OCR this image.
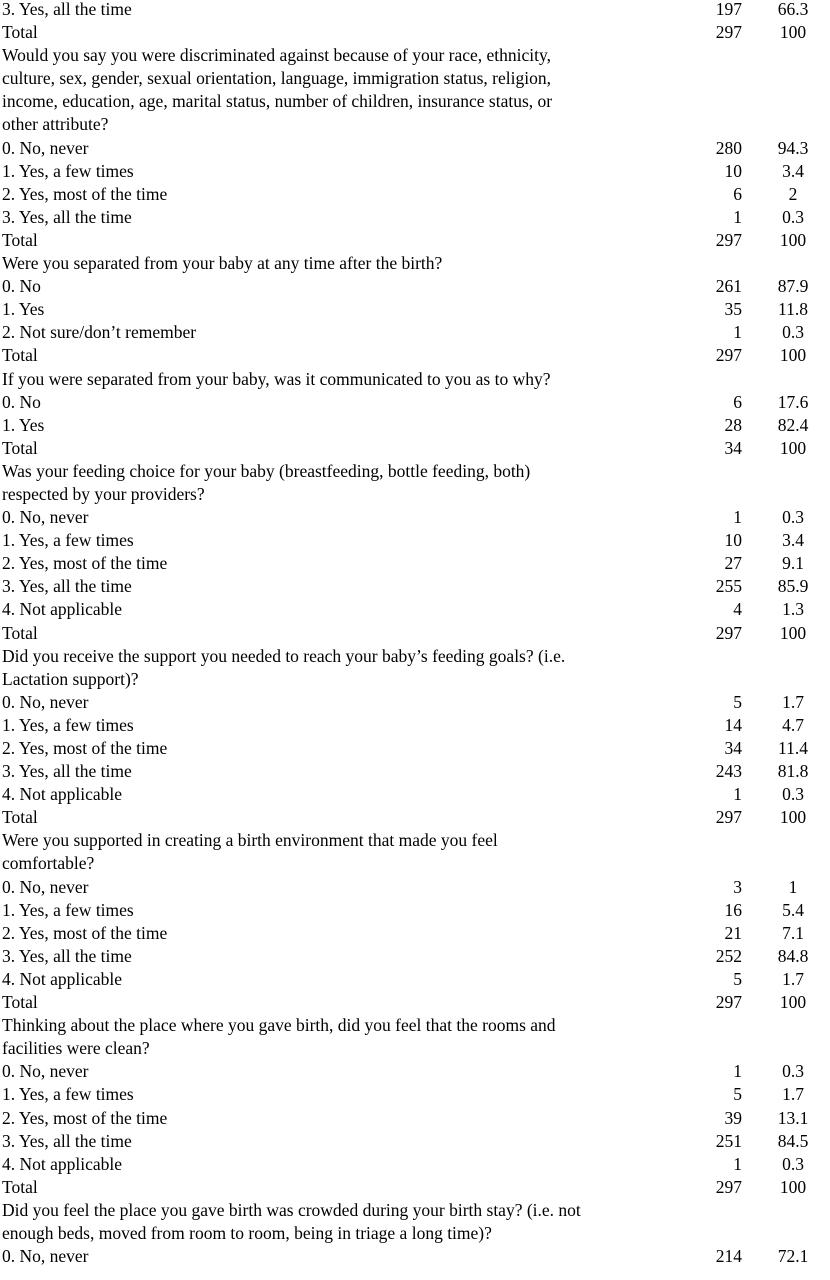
3. Yes, all the time	197	66.3
Total	297	100
Would you say you were discriminated against because of your race, ethnicity,
culture, sex, gender, sexual orientation, language, immigration status, religion,
income, education, age, marital status, number of children, insurance status, or
other attribute?
0. No, never	280	94.3
1. Yes, a few times	10	3.4
2. Yes, most of the time	6	2
3. Yes, all the time	1	0.3
Total	297	100
Were you separated from your baby at any time after the birth?
0. No	261	87.9
1. Yes	35	11.8
2. Not sure/don’t remember	1	0.3
Total	297	100
If you were separated from your baby, was it communicated to you as to why?
0. No	6	17.6
1. Yes	28	82.4
Total	34	100
Was your feeding choice for your baby (breastfeeding, bottle feeding, both)
respected by your providers?
0. No, never	1	0.3
1. Yes, a few times	10	3.4
2. Yes, most of the time	27	9.1
3. Yes, all the time	255	85.9
4. Not applicable	4	1.3
Total	297	100
Did you receive the support you needed to reach your baby’s feeding goals? (i.e.
Lactation support)?
0. No, never	5	1.7
1. Yes, a few times	14	4.7
2. Yes, most of the time	34	11.4
3. Yes, all the time	243	81.8
4. Not applicable	1	0.3
Total	297	100
Were you supported in creating a birth environment that made you feel
comfortable?
0. No, never	3	1
1. Yes, a few times	16	5.4
2. Yes, most of the time	21	7.1
3. Yes, all the time	252	84.8
4. Not applicable	5	1.7
Total	297	100
Thinking about the place where you gave birth, did you feel that the rooms and
facilities were clean?
0. No, never	1	0.3
1. Yes, a few times	5	1.7
2. Yes, most of the time	39	13.1
3. Yes, all the time	251	84.5
4. Not applicable	1	0.3
Total	297	100
Did you feel the place you gave birth was crowded during your birth stay? (i.e. not
enough beds, moved from room to room, being in triage a long time)?
0. No, never	214	72.1
